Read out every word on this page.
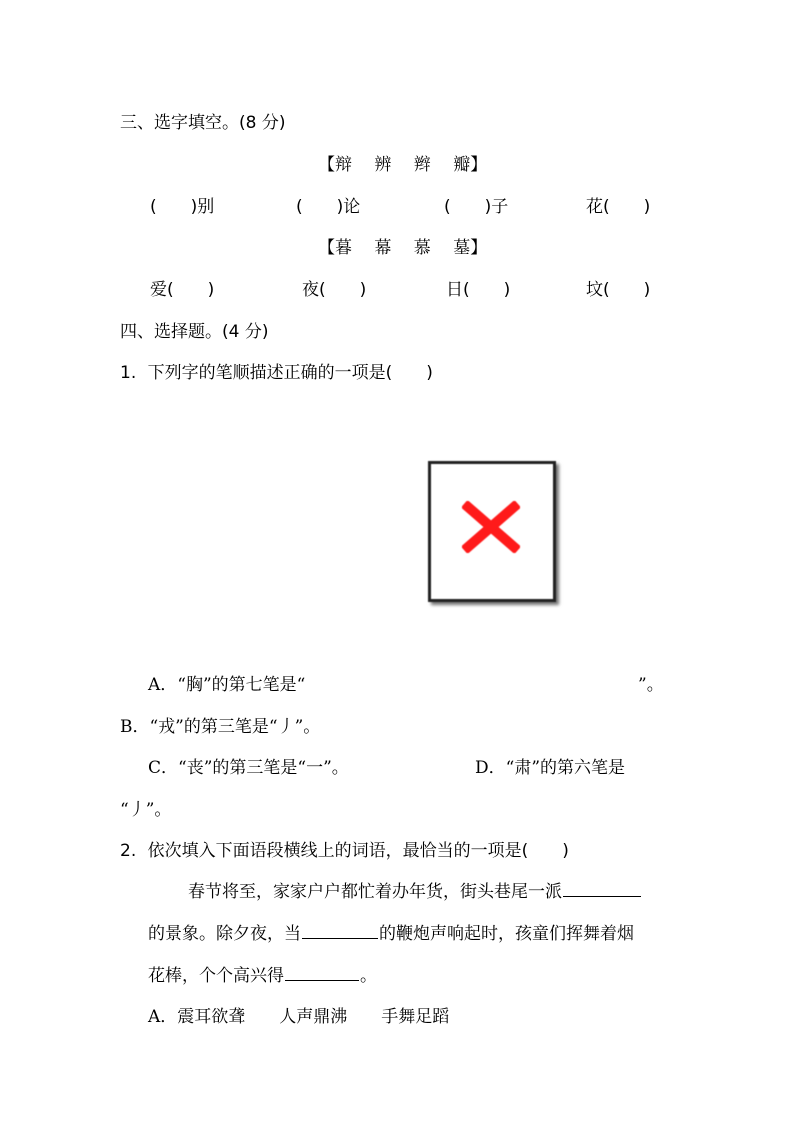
三、选字填空。(8 分)
【辩　 辨　 辫　 瓣】
(　　)别	(　　)论	(　　)子	花(　　)
【暮　 幕　 慕　 墓】
爱(　　)	夜(　　)	日(　　)	坟(　　)
四、选择题。(4 分)
1. 下列字的笔顺描述正确的一项是(　　)
A．“胸”的第七笔是“	”。
B．“戎”的第三笔是“丿”。
C．“丧”的第三笔是“一”。	D．“肃”的第六笔是
“丿”。
2. 依次填入下面语段横线上的词语，最恰当的一项是(　　)
春节将至，家家户户都忙着办年货，街头巷尾一派
的景象。除夕夜，当	的鞭炮声响起时，孩童们挥舞着烟
花棒，个个高兴得	。
A．震耳欲聋　　人声鼎沸　　手舞足蹈
